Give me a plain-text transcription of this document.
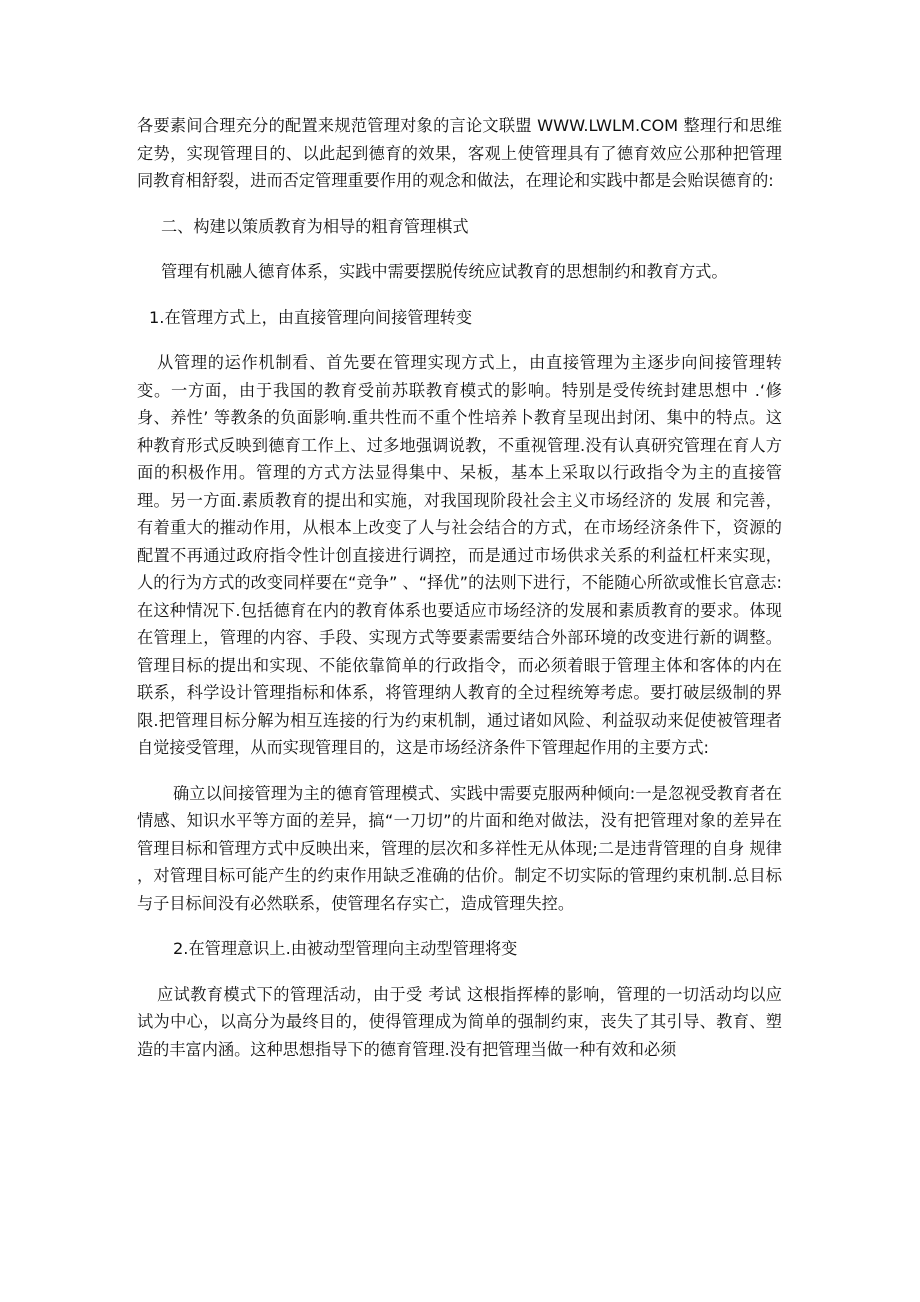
各要素间合理充分的配置来规范管理对象的言论文联盟 WWW.LWLM.COM 整理行和思维定势，实现管理目的、以此起到德育的效果，客观上使管理具有了德育效应公那种把管理同教育相舒裂，进而否定管理重要作用的观念和做法，在理论和实践中都是会贻误德育的:

二、构建以策质教育为相导的粗育管理棋式

管理有机融人德育体系，实践中需要摆脱传统应试教育的思想制约和教育方式。

1.在管理方式上，由直接管理向间接管理转变

从管理的运作机制看、首先要在管理实现方式上，由直接管理为主逐步向间接管理转变。一方面，由于我国的教育受前苏联教育模式的影响。特别是受传统封建思想中 .‘修身、养性’ 等教条的负面影响.重共性而不重个性培养卜教育呈现出封闭、集中的特点。这种教育形式反映到德育工作上、过多地强调说教，不重视管理.没有认真研究管理在育人方面的积极作用。管理的方式方法显得集中、呆板，基本上采取以行政指令为主的直接管理。另一方面.素质教育的提出和实施，对我国现阶段社会主义市场经济的 发展 和完善，有着重大的摧动作用，从根本上改变了人与社会结合的方式，在市场经济条件下，资源的配置不再通过政府指令性计创直接进行调控，而是通过市场供求关系的利益杠杆来实现，人的行为方式的改变同样要在“竞争” 、“择优”的法则下进行，不能随心所欲或惟长官意志:在这种情况下.包括德育在内的教育体系也要适应市场经济的发展和素质教育的要求。体现在管理上，管理的内容、手段、实现方式等要素需要结合外部环境的改变进行新的调整。管理目标的提出和实现、不能依靠简单的行政指令，而必须着眼于管理主体和客体的内在联系，科学设计管理指标和体系，将管理纳人教育的全过程统筹考虑。要打破层级制的界限.把管理目标分解为相互连接的行为约束机制，通过诸如风险、利益驭动来促使被管理者自觉接受管理，从而实现管理目的，这是市场经济条件下管理起作用的主要方式:

确立以间接管理为主的德育管理模式、实践中需要克服两种倾向:一是忽视受教育者在情感、知识水平等方面的差异，搞“一刀切”的片面和绝对做法，没有把管理对象的差异在管理目标和管理方式中反映出来，管理的层次和多祥性无从体现;二是违背管理的自身 规律 ，对管理目标可能产生的约束作用缺乏准确的估价。制定不切实际的管理约束机制.总目标与子目标间没有必然联系，使管理名存实亡，造成管理失控。

2.在管理意识上.由被动型管理向主动型管理将变

应试教育模式下的管理活动，由于受 考试 这根指挥棒的影响，管理的一切活动均以应试为中心，以高分为最终目的，使得管理成为简单的强制约束，丧失了其引导、教育、塑造的丰富内涵。这种思想指导下的德育管理.没有把管理当做一种有效和必须
